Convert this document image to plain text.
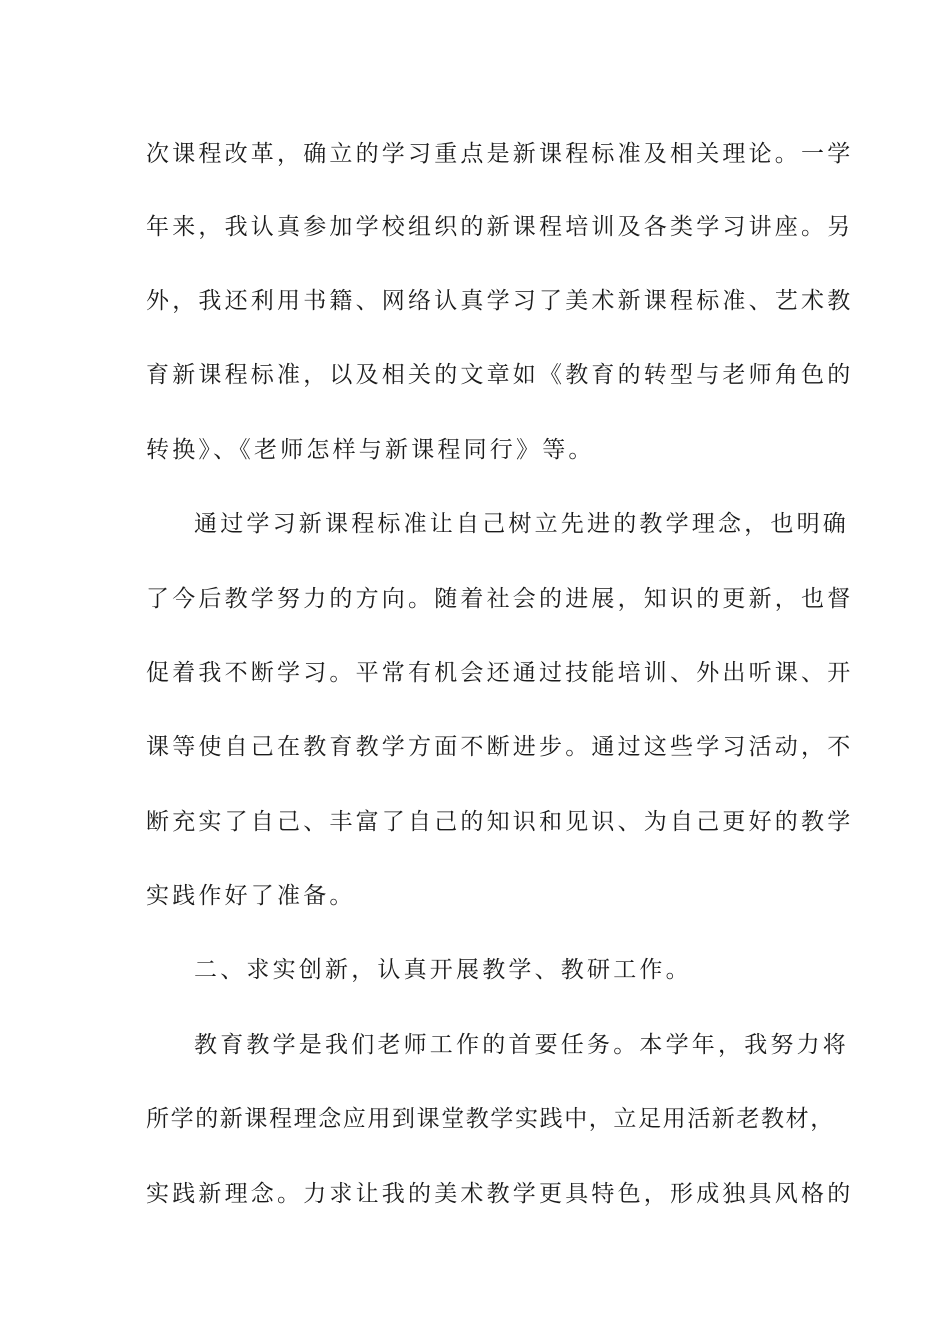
次课程改革，确立的学习重点是新课程标准及相关理论。一学
年来，我认真参加学校组织的新课程培训及各类学习讲座。另
外，我还利用书籍、网络认真学习了美术新课程标准、艺术教
育新课程标准，以及相关的文章如《教育的转型与老师角色的
转换》、《老师怎样与新课程同行》等。
通过学习新课程标准让自己树立先进的教学理念，也明确
了今后教学努力的方向。随着社会的进展，知识的更新，也督
促着我不断学习。平常有机会还通过技能培训、外出听课、开
课等使自己在教育教学方面不断进步。通过这些学习活动，不
断充实了自己、丰富了自己的知识和见识、为自己更好的教学
实践作好了准备。
二、求实创新，认真开展教学、教研工作。
教育教学是我们老师工作的首要任务。本学年，我努力将
所学的新课程理念应用到课堂教学实践中，立足用活新老教材，
实践新理念。力求让我的美术教学更具特色，形成独具风格的
